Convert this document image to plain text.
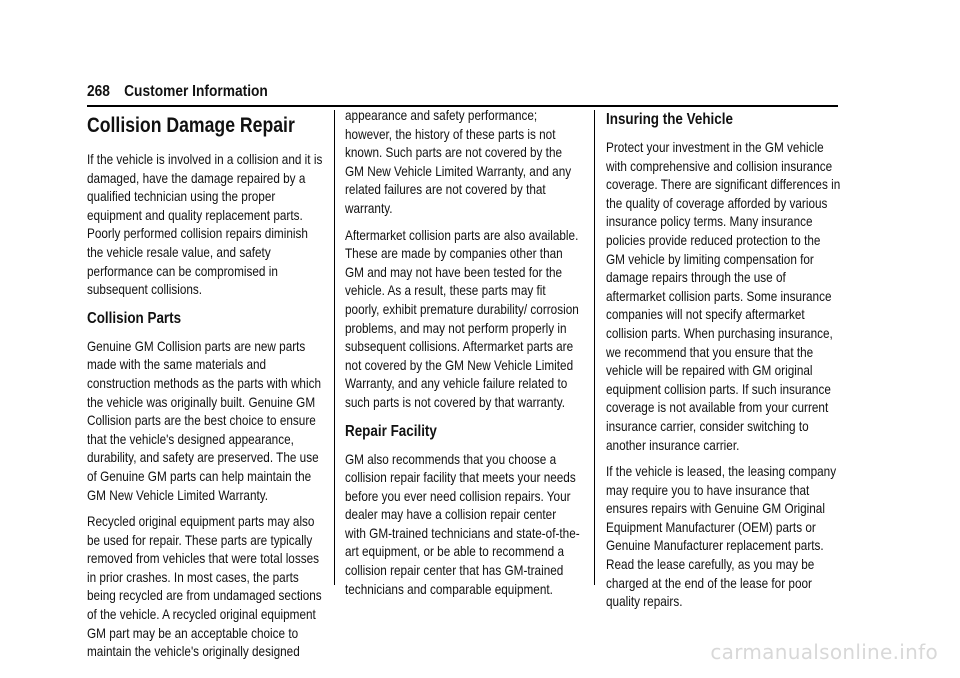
268 Customer Information
Collision Damage Repair

If the vehicle is involved in a collision and it is damaged, have the damage repaired by a qualified technician using the proper equipment and quality replacement parts. Poorly performed collision repairs diminish the vehicle resale value, and safety performance can be compromised in subsequent collisions.

Collision Parts

Genuine GM Collision parts are new parts made with the same materials and construction methods as the parts with which the vehicle was originally built. Genuine GM Collision parts are the best choice to ensure that the vehicle's designed appearance, durability, and safety are preserved. The use of Genuine GM parts can help maintain the GM New Vehicle Limited Warranty.

Recycled original equipment parts may also be used for repair. These parts are typically removed from vehicles that were total losses in prior crashes. In most cases, the parts being recycled are from undamaged sections of the vehicle. A recycled original equipment GM part may be an acceptable choice to maintain the vehicle's originally designed

appearance and safety performance; however, the history of these parts is not known. Such parts are not covered by the GM New Vehicle Limited Warranty, and any related failures are not covered by that warranty.

Aftermarket collision parts are also available. These are made by companies other than GM and may not have been tested for the vehicle. As a result, these parts may fit poorly, exhibit premature durability/ corrosion problems, and may not perform properly in subsequent collisions. Aftermarket parts are not covered by the GM New Vehicle Limited Warranty, and any vehicle failure related to such parts is not covered by that warranty.

Repair Facility

GM also recommends that you choose a collision repair facility that meets your needs before you ever need collision repairs. Your dealer may have a collision repair center with GM-trained technicians and state-of-the-art equipment, or be able to recommend a collision repair center that has GM-trained technicians and comparable equipment.

Insuring the Vehicle

Protect your investment in the GM vehicle with comprehensive and collision insurance coverage. There are significant differences in the quality of coverage afforded by various insurance policy terms. Many insurance policies provide reduced protection to the GM vehicle by limiting compensation for damage repairs through the use of aftermarket collision parts. Some insurance companies will not specify aftermarket collision parts. When purchasing insurance, we recommend that you ensure that the vehicle will be repaired with GM original equipment collision parts. If such insurance coverage is not available from your current insurance carrier, consider switching to another insurance carrier.

If the vehicle is leased, the leasing company may require you to have insurance that ensures repairs with Genuine GM Original Equipment Manufacturer (OEM) parts or Genuine Manufacturer replacement parts. Read the lease carefully, as you may be charged at the end of the lease for poor quality repairs.

carmanualsonline.info
